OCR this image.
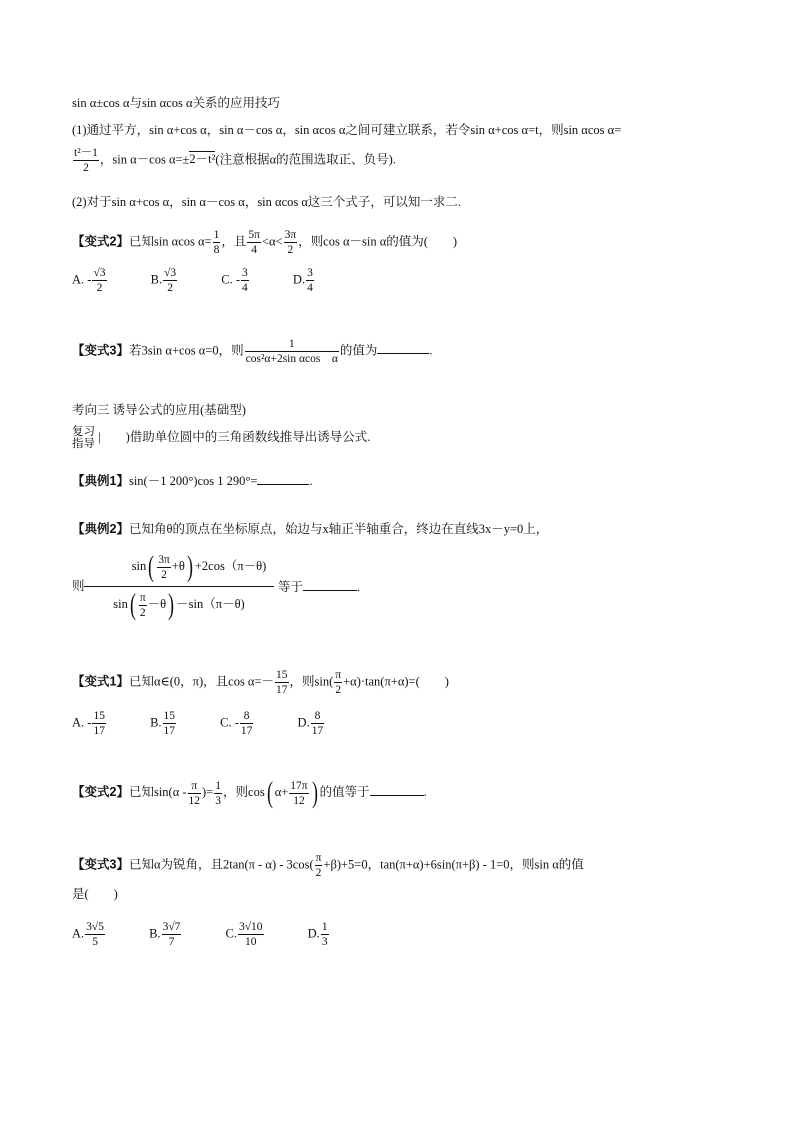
sin α±cos α与sin αcos α关系的应用技巧
(1)通过平方，sin α+cos α，sin α－cos α，sin αcos α之间可建立联系，若令sin α+cos α=t，则sin αcos α=
$\frac{\text{t²－1}}{2}$ ，sin α－cos α=±2－t²(注意根据α的范围选取正、负号).
(2)对于sin α+cos α，sin α－cos α，sin αcos α这三个式子，可以知一求二.
【变式2】已知sin αcos $\alpha= \frac{1}{8}$ ，且 $\frac{5\pi}{4} <\alpha< \frac{3\pi}{2}$ ，则cos α－sin α的值为(　　)
A. - $\frac{√3}{2}$	B. $\frac{√3}{2}$	C. - $\frac{3}{4}$	D. $\frac{3}{4}$
【变式3】若3sin α+cos α=0，则 $\frac{1}{\text{cos²α+2sin αcos　α}}$ 的值为	.
考向三 诱导公式的应用(基础型)
复习
指导
|　　)借助单位圆中的三角函数线推导出诱导公式.
【典例1】sin(－1 200°)cos 1 290°=	.
【典例2】已知角θ的顶点在坐标原点，始边与x轴正半轴重合，终边在直线3x－y=0上，
则
$\sin( \frac{3\pi}{2} +\theta) +2\cos(\pi-\theta)$
$\sin( \frac{\pi}{2} -\theta) -\sin(\pi-\theta)$
等于	.
【变式1】已知α∈(0，π)，且$\cos \alpha=- \frac{15}{17}$ ，则$\sin( \frac{\pi}{2} +\alpha)\cdot\tan(\pi+\alpha)=$(　　)
A. - $\frac{15}{17}$	B. $\frac{15}{17}$	C. - $\frac{8}{17}$	D. $\frac{8}{17}$
【变式2】已知$\sin(\alpha - \frac{\pi}{12}$ )= $\frac{1}{3}$ ，则cos( $\alpha+ \frac{17\pi}{12}$ ) 的值等于	.
【变式3】已知α为锐角，且$2\tan(\pi - \alpha) - 3\cos( \frac{\pi}{2} +\beta)+5=0$，tan(π+α)+6sin(π+β) - 1=0，则sin α的值
是(　　)
A. $\frac{3√5}{5}$	B. $\frac{3√7}{7}$	C. $\frac{3√10}{10}$	D. $\frac{1}{3}$
